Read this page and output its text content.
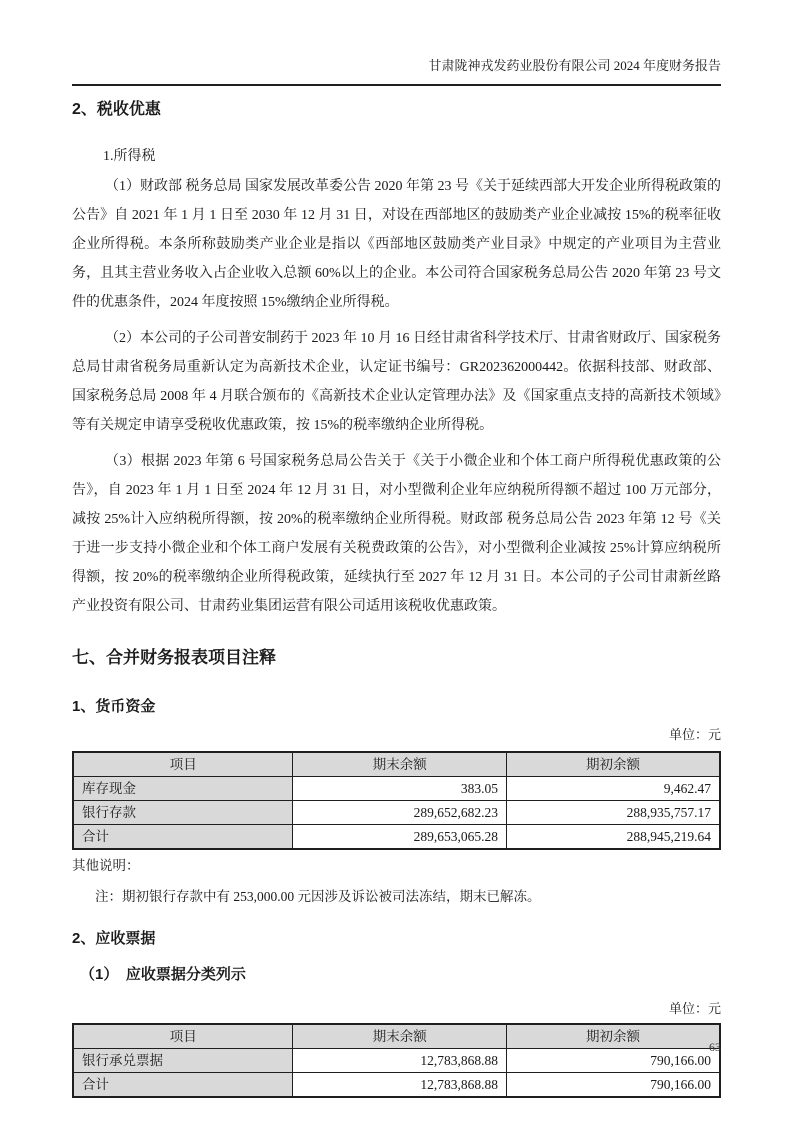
甘肃陇神戎发药业股份有限公司 2024 年度财务报告
2、税收优惠
1.所得税

（1）财政部 税务总局 国家发展改革委公告 2020 年第 23 号《关于延续西部大开发企业所得税政策的公告》自 2021 年 1 月 1 日至 2030 年 12 月 31 日，对设在西部地区的鼓励类产业企业减按 15%的税率征收企业所得税。本条所称鼓励类产业企业是指以《西部地区鼓励类产业目录》中规定的产业项目为主营业务，且其主营业务收入占企业收入总额 60%以上的企业。本公司符合国家税务总局公告 2020 年第 23 号文件的优惠条件，2024 年度按照 15%缴纳企业所得税。

（2）本公司的子公司普安制药于 2023 年 10 月 16 日经甘肃省科学技术厅、甘肃省财政厅、国家税务总局甘肃省税务局重新认定为高新技术企业，认定证书编号：GR202362000442。依据科技部、财政部、国家税务总局 2008 年 4 月联合颁布的《高新技术企业认定管理办法》及《国家重点支持的高新技术领域》等有关规定申请享受税收优惠政策，按 15%的税率缴纳企业所得税。

（3）根据 2023 年第 6 号国家税务总局公告关于《关于小微企业和个体工商户所得税优惠政策的公告》，自 2023 年 1 月 1 日至 2024 年 12 月 31 日，对小型微利企业年应纳税所得额不超过 100 万元部分，减按 25%计入应纳税所得额，按 20%的税率缴纳企业所得税。财政部 税务总局公告 2023 年第 12 号《关于进一步支持小微企业和个体工商户发展有关税费政策的公告》，对小型微利企业减按 25%计算应纳税所得额，按 20%的税率缴纳企业所得税政策，延续执行至 2027 年 12 月 31 日。本公司的子公司甘肃新丝路产业投资有限公司、甘肃药业集团运营有限公司适用该税收优惠政策。

七、合并财务报表项目注释
1、货币资金
单位：元
项目	期末余额	期初余额
库存现金	383.05	9,462.47
银行存款	289,652,682.23	288,935,757.17
合计	289,653,065.28	288,945,219.64
其他说明：
注：期初银行存款中有 253,000.00 元因涉及诉讼被司法冻结，期末已解冻。
2、应收票据
（1）　应收票据分类列示
单位：元
项目	期末余额	期初余额
银行承兑票据	12,783,868.88	790,166.00
合计	12,783,868.88	790,166.00
63
